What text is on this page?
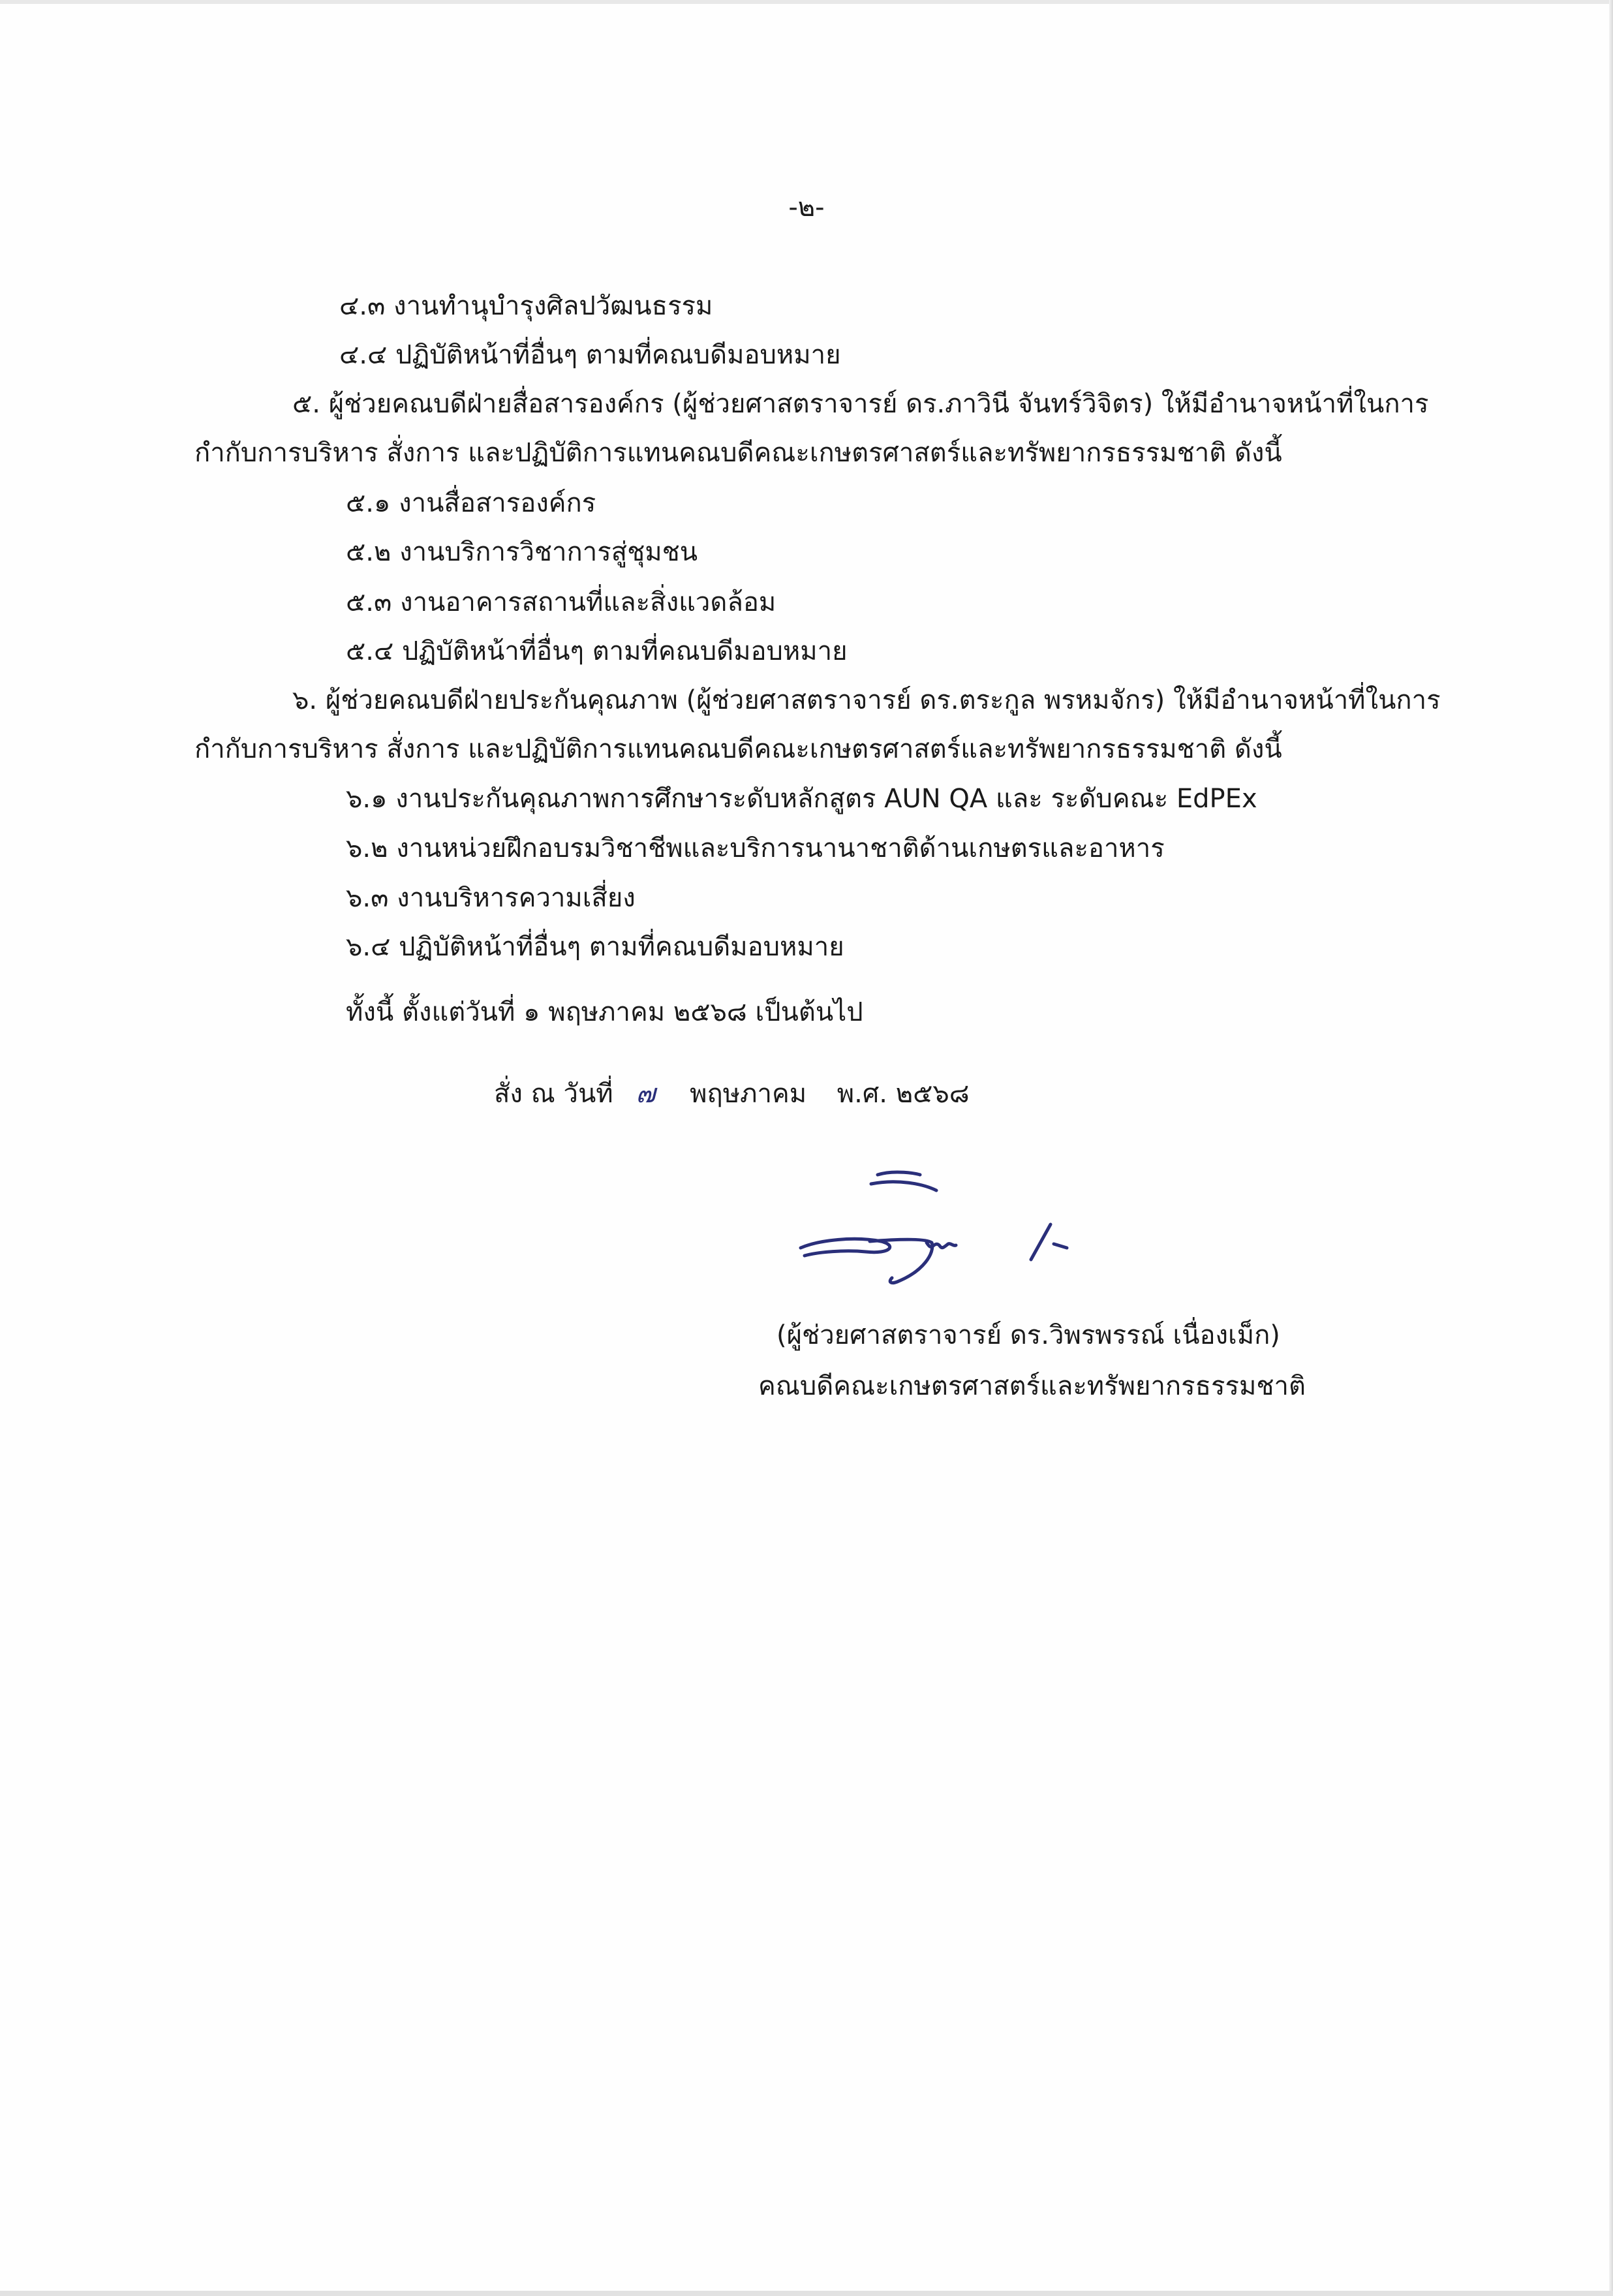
-๒-
๔.๓ งานทำนุบำรุงศิลปวัฒนธรรม
๔.๔ ปฏิบัติหน้าที่อื่นๆ ตามที่คณบดีมอบหมาย
๕. ผู้ช่วยคณบดีฝ่ายสื่อสารองค์กร (ผู้ช่วยศาสตราจารย์ ดร.ภาวินี จันทร์วิจิตร) ให้มีอำนาจหน้าที่ในการ
กำกับการบริหาร สั่งการ และปฏิบัติการแทนคณบดีคณะเกษตรศาสตร์และทรัพยากรธรรมชาติ ดังนี้
๕.๑ งานสื่อสารองค์กร
๕.๒ งานบริการวิชาการสู่ชุมชน
๕.๓ งานอาคารสถานที่และสิ่งแวดล้อม
๕.๔ ปฏิบัติหน้าที่อื่นๆ ตามที่คณบดีมอบหมาย
๖. ผู้ช่วยคณบดีฝ่ายประกันคุณภาพ (ผู้ช่วยศาสตราจารย์ ดร.ตระกูล พรหมจักร) ให้มีอำนาจหน้าที่ในการ
กำกับการบริหาร สั่งการ และปฏิบัติการแทนคณบดีคณะเกษตรศาสตร์และทรัพยากรธรรมชาติ ดังนี้
๖.๑ งานประกันคุณภาพการศึกษาระดับหลักสูตร AUN QA และ ระดับคณะ EdPEx
๖.๒ งานหน่วยฝึกอบรมวิชาชีพและบริการนานาชาติด้านเกษตรและอาหาร
๖.๓ งานบริหารความเสี่ยง
๖.๔ ปฏิบัติหน้าที่อื่นๆ ตามที่คณบดีมอบหมาย
ทั้งนี้ ตั้งแต่วันที่ ๑ พฤษภาคม ๒๕๖๘ เป็นต้นไป
สั่ง ณ วันที่ ๗ พฤษภาคม พ.ศ. ๒๕๖๘
(ผู้ช่วยศาสตราจารย์ ดร.วิพรพรรณ์ เนื่องเม็ก)
คณบดีคณะเกษตรศาสตร์และทรัพยากรธรรมชาติ
